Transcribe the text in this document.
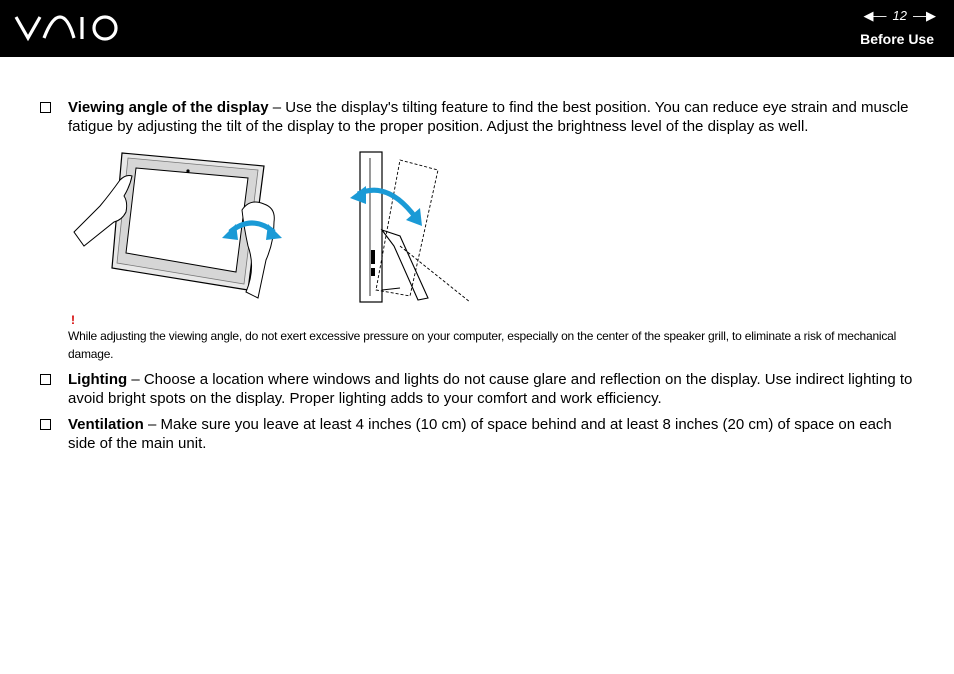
◀— 12 —▶
Before Use
Viewing angle of the display – Use the display's tilting feature to find the best position. You can reduce eye strain and muscle fatigue by adjusting the tilt of the display to the proper position. Adjust the brightness level of the display as well.
!
While adjusting the viewing angle, do not exert excessive pressure on your computer, especially on the center of the speaker grill, to eliminate a risk of mechanical damage.
Lighting – Choose a location where windows and lights do not cause glare and reflection on the display. Use indirect lighting to avoid bright spots on the display. Proper lighting adds to your comfort and work efficiency.
Ventilation – Make sure you leave at least 4 inches (10 cm) of space behind and at least 8 inches (20 cm) of space on each side of the main unit.
